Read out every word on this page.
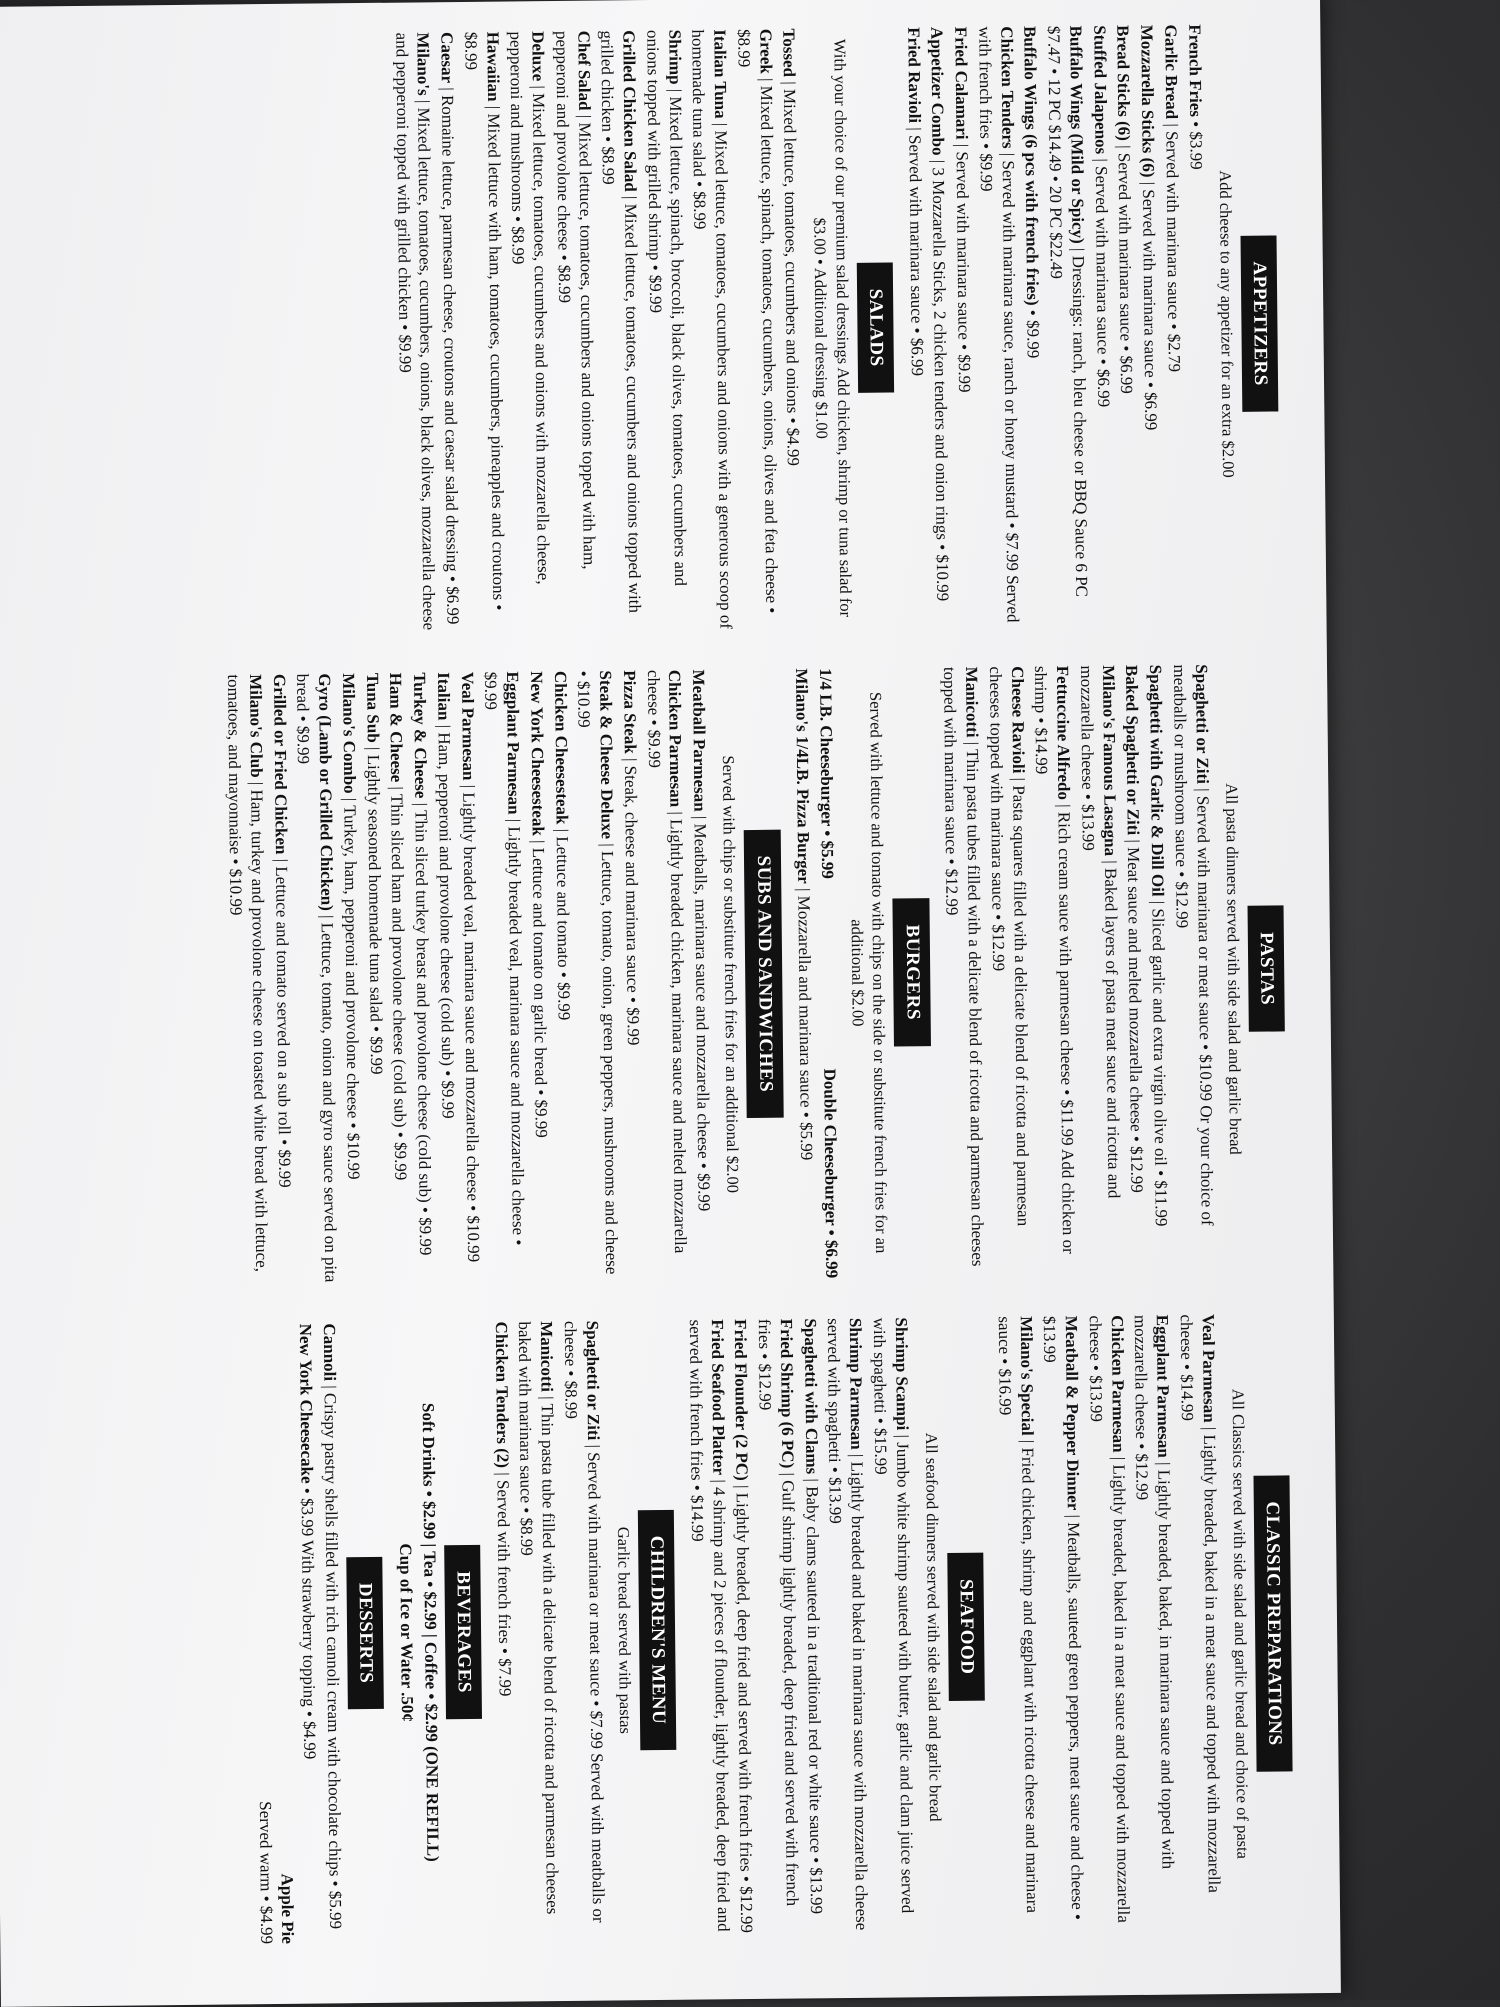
APPETIZERS
Add cheese to any appetizer for an extra $2.00
French Fries • $3.99
Garlic Bread | Served with marinara sauce • $2.79
Mozzarella Sticks (6) | Served with marinara sauce • $6.99
Bread Sticks (6) | Served with marinara sauce • $6.99
Stuffed Jalapenos | Served with marinara sauce • $6.99
Buffalo Wings (Mild or Spicy) | Dressings: ranch, bleu cheese or BBQ Sauce 6 PC $7.47 • 12 PC $14.49 • 20 PC $22.49
Buffalo Wings (6 pcs with french fries) • $9.99
Chicken Tenders | Served with marinara sauce, ranch or honey mustard • $7.99 Served with french fries • $9.99
Fried Calamari | Served with marinara sauce • $9.99
Appetizer Combo | 3 Mozzarella Sticks, 2 chicken tenders and onion rings • $10.99
Fried Ravioli | Served with marinara sauce • $6.99
SALADS
With your choice of our premium salad dressings Add chicken, shrimp or tuna salad for $3.00 • Additional dressing $1.00
Tossed | Mixed lettuce, tomatoes, cucumbers and onions • $4.99
Greek | Mixed lettuce, spinach, tomatoes, cucumbers, onions, olives and feta cheese • $8.99
Italian Tuna | Mixed lettuce, tomatoes, cucumbers and onions with a generous scoop of homemade tuna salad • $8.99
Shrimp | Mixed lettuce, spinach, broccoli, black olives, tomatoes, cucumbers and onions topped with grilled shrimp • $9.99
Grilled Chicken Salad | Mixed lettuce, tomatoes, cucumbers and onions topped with grilled chicken • $8.99
Chef Salad | Mixed lettuce, tomatoes, cucumbers and onions topped with ham, pepperoni and provolone cheese • $8.99
Deluxe | Mixed lettuce, tomatoes, cucumbers and onions with mozzarella cheese, pepperoni and mushrooms • $8.99
Hawaiian | Mixed lettuce with ham, tomatoes, cucumbers, pineapples and croutons • $8.99
Caesar | Romaine lettuce, parmesan cheese, croutons and caesar salad dressing • $6.99
Milano's | Mixed lettuce, tomatoes, cucumbers, onions, black olives, mozzarella cheese and pepperoni topped with grilled chicken • $9.99
PASTAS
All pasta dinners served with side salad and garlic bread
Spaghetti or Ziti | Served with marinara or meat sauce • $10.99 Or your choice of meatballs or mushroom sauce • $12.99
Spaghetti with Garlic & Dill Oil | Sliced garlic and extra virgin olive oil • $11.99
Baked Spaghetti or Ziti | Meat sauce and melted mozzarella cheese • $12.99
Milano's Famous Lasagna | Baked layers of pasta meat sauce and ricotta and mozzarella cheese • $13.99
Fettuccine Alfredo | Rich cream sauce with parmesan cheese • $11.99 Add chicken or shrimp • $14.99
Cheese Ravioli | Pasta squares filled with a delicate blend of ricotta and parmesan cheeses topped with marinara sauce • $12.99
Manicotti | Thin pasta tubes filled with a delicate blend of ricotta and parmesan cheeses topped with marinara sauce • $12.99
BURGERS
Served with lettuce and tomato with chips on the side or substitute french fries for an additional $2.00
1/4 LB. Cheeseburger • $5.99
Double Cheeseburger • $6.99
Milano's 1/4LB. Pizza Burger | Mozzarella and marinara sauce • $5.99
SUBS AND SANDWICHES
Served with chips or substitute french fries for an additional $2.00
Meatball Parmesan | Meatballs, marinara sauce and mozzarella cheese • $9.99
Chicken Parmesan | Lightly breaded chicken, marinara sauce and melted mozzarella cheese • $9.99
Pizza Steak | Steak, cheese and marinara sauce • $9.99
Steak & Cheese Deluxe | Lettuce, tomato, onion, green peppers, mushrooms and cheese • $10.99
Chicken Cheesesteak | Lettuce and tomato • $9.99
New York Cheesesteak | Lettuce and tomato on garlic bread • $9.99
Eggplant Parmesan | Lightly breaded veal, marinara sauce and mozzarella cheese • $9.99
Veal Parmesan | Lightly breaded veal, marinara sauce and mozzarella cheese • $10.99
Italian | Ham, pepperoni and provolone cheese (cold sub) • $9.99
Turkey & Cheese | Thin sliced turkey breast and provolone cheese (cold sub) • $9.99
Ham & Cheese | Thin sliced ham and provolone cheese (cold sub) • $9.99
Tuna Sub | Lightly seasoned homemade tuna salad • $9.99
Milano's Combo | Turkey, ham, pepperoni and provolone cheese • $10.99
Gyro (Lamb or Grilled Chicken) | Lettuce, tomato, onion and gyro sauce served on pita bread • $9.99
Grilled or Fried Chicken | Lettuce and tomato served on a sub roll • $9.99
Milano's Club | Ham, turkey and provolone cheese on toasted white bread with lettuce, tomatoes, and mayonnaise • $10.99
CLASSIC PREPARATIONS
All Classics served with side salad and garlic bread and choice of pasta
Veal Parmesan | Lightly breaded, baked in a meat sauce and topped with mozzarella cheese • $14.99
Eggplant Parmesan | Lightly breaded, baked, in marinara sauce and topped with mozzarella cheese • $12.99
Chicken Parmesan | Lightly breaded, baked in a meat sauce and topped with mozzarella cheese • $13.99
Meatball & Pepper Dinner | Meatballs, sauteed green peppers, meat sauce and cheese • $13.99
Milano's Special | Fried chicken, shrimp and eggplant with ricotta cheese and marinara sauce • $16.99
SEAFOOD
All seafood dinners served with side salad and garlic bread
Shrimp Scampi | Jumbo white shrimp sauteed with butter, garlic and clam juice served with spaghetti • $15.99
Shrimp Parmesan | Lightly breaded and baked in marinara sauce with mozzarella cheese served with spaghetti • $13.99
Spaghetti with Clams | Baby clams sauteed in a traditional red or white sauce • $13.99
Fried Shrimp (6 PC) | Gulf shrimp lightly breaded, deep fried and served with french fries • $12.99
Fried Flounder (2 PC) | Lightly breaded, deep fried and served with french fries • $12.99
Fried Seafood Platter | 4 shrimp and 2 pieces of flounder, lightly breaded, deep fried and served with french fries • $14.99
CHILDREN'S MENU
Garlic bread served with pastas
Spaghetti or Ziti | Served with marinara or meat sauce • $7.99 Served with meatballs or cheese • $8.99
Manicotti | Thin pasta tube filled with a delicate blend of ricotta and parmesan cheeses baked with marinara sauce • $8.99
Chicken Tenders (2) | Served with french fries • $7.99
BEVERAGES
Soft Drinks • $2.99 | Tea • $2.99 | Coffee • $2.99 (ONE REFILL)
Cup of Ice or Water .50¢
DESSERTS
Cannoli | Crispy pastry shells filled with rich cannoli cream with chocolate chips • $5.99
New York Cheesecake • $3.99 With strawberry topping • $4.99
Apple Pie
Served warm • $4.99
